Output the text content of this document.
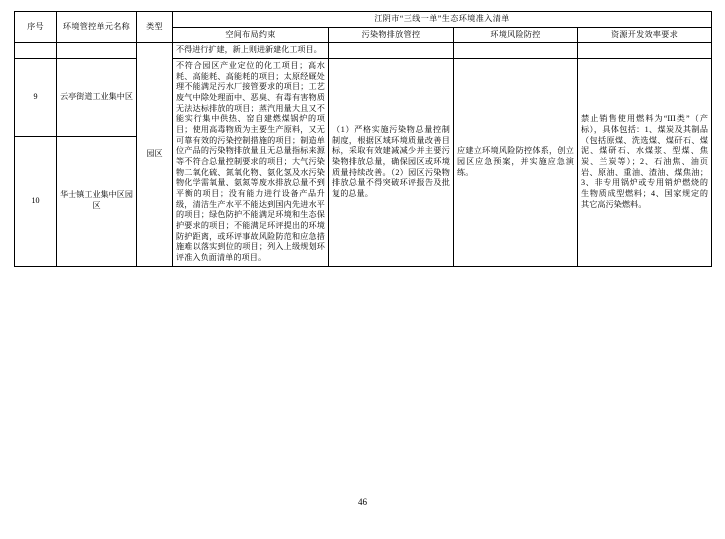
序号	环境管控单元名称	类型	江阴市“三线一单”生态环境准入清单			
			空间布局约束	污染物排放管控	环境风险防控	资源开发效率要求
		园区	不得进行扩建，新上则进新建化工项目。			
9	云亭街道工业集中区		不符合园区产业定位的化工项目；高水耗、高能耗、高能耗的项目；太原经厩处理不能满足污水厂接管要求的项目；工艺废气中除处理面中、恶臭、有毒有害物质无法达标排放的项目；蒸汽用量大且又不能实行集中供热、窑自建燃煤锅炉的项目；使用高毒物质为主要生产原料，又无可靠有效的污染控制措施的项目；制造单位产品的污染物排放量且无总量指标来源等不符合总量控制要求的项目；大气污染物二氧化硫、氮氧化物、氨化氢及水污染物化学需氧量、氨氮等废水排放总量不到平衡的项目；没有能力进行设备产品升级，清洁生产水平不能达到国内先进水平的项目；绿色防护不能满足环境和生态保护要求的项目；不能满足环评提出的环境防护距离，或环评事故风险防范和应急措施难以落实到位的项目；列入上级规划环评准入负面清单的项目。	（1）严格实施污染物总量控制制度，根据区域环境质量改善目标，采取有效建减减少并主要污染物排放总量，确保园区或环境质量持续改善。（2）园区污染物排放总量不得突破环评报告及批复的总量。	应建立环境风险防控体系，创立园区应急预案，并实施应急演练。	禁止销售使用燃料为“III类”（产标），具体包括：1、煤炭及其制品（包括原煤、洗选煤、煤矸石、煤泥、煤研石、水煤浆、型煤、焦炭、兰炭等）；2、石油焦、油页岩、原油、重油、渣油、煤焦油；3、非专用锅炉或专用销炉燃烧的生物质成型燃料；4、国家规定的其它高污染燃料。
10	华士镇工业集中区园区					
46
